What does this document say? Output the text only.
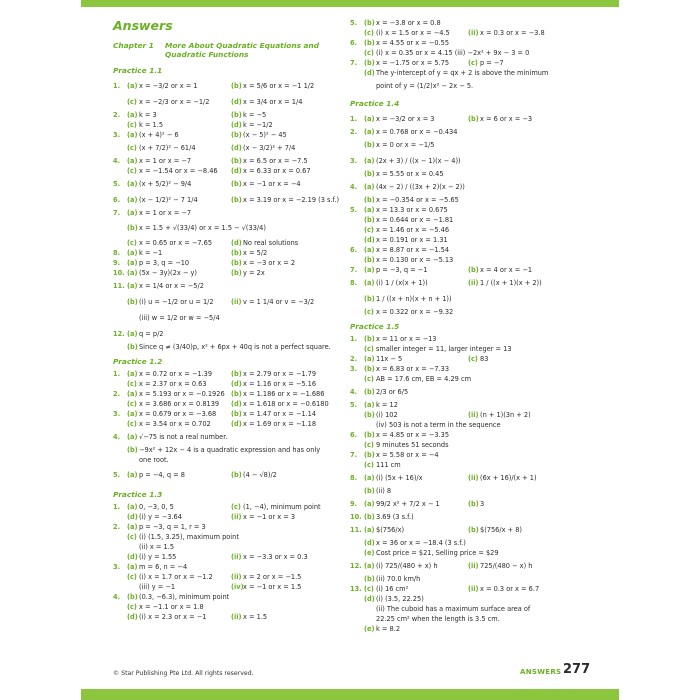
Answers
Chapter 1	More About Quadratic Equations and Quadratic Functions
Practice 1.1
1. (a) x = −3/2 or x = 1	(b) x = 5/6 or x = −1 1/2
(c) x = −2/3 or x = −1/2	(d) x = 3/4 or x = 1/4
2. (a) k = 3	(b) k = −5
(c) k = 1.5	(d) k = −1/2
3. (a) (x + 4)² − 6	(b) (x − 5)² − 45
(c) (x + 7/2)² − 61/4	(d) (x − 3/2)² + 7/4
4. (a) x = 1 or x = −7	(b) x = 6.5 or x = −7.5
(c) x = −1.54 or x = −8.46 (d) x = 6.33 or x = 0.67
5. (a) (x + 5/2)² − 9/4	(b) x = −1 or x = −4
6. (a) (x − 1/2)² − 7 1/4	(b) x = 3.19 or x = −2.19 (3 s.f.)
7. (a) x = 1 or x = −7
(b) x = 1.5 + √(33/4) or x = 1.5 − √(33/4)
(c) x = 0.65 or x = −7.65	(d) No real solutions
8. (a) k = −1	(b) x = 5/2
9. (a) p = 3, q = −10	(b) x = −3 or x = 2
10. (a) (5x − 3y)(2x − y)	(b) y = 2x
11. (a) x = 1/4 or x = −5/2
(b) (i) u = −1/2 or u = 1/2	(ii) v = 1 1/4 or v = −3/2
(iii) w = 1/2 or w = −5/4
12. (a) q = p/2
(b) Since q ≠ (3/40)p, x² + 6px + 40q is not a perfect square.
Practice 1.2
1. (a) x = 0.72 or x = −1.39	(b) x = 2.79 or x = −1.79
(c) x = 2.37 or x = 0.63	(d) x = 1.16 or x = −5.16
2. (a) x = 5.193 or x = −0.1926 (b) x = 1.186 or x = −1.686
(c) x = 3.686 or x = 0.8139 (d) x = 1.618 or x = −0.6180
3. (a) x = 0.679 or x = −3.68 (b) x = 1.47 or x = −1.14
(c) x = 3.54 or x = 0.702	(d) x = 1.69 or x = −1.18
4. (a) √−75 is not a real number.
(b) −9x² + 12x − 4 is a quadratic expression and has only
one root.
5. (a) p = −4, q = 8	(b) (4 − √8)/2
Practice 1.3
1. (a) 0, −3, 0, 5	(c) (1, −4), minimum point
(d) (i) y = −3.64	(ii) x = −1 or x = 3
2. (a) p = −3, q = 1, r = 3
(c) (i) (1.5, 3.25), maximum point
(ii) x = 1.5
(d) (i) y = 1.55	(ii) x = −3.3 or x = 0.3
3. (a) m = 6, n = −4
(c) (i) x = 1.7 or x = −1.2	(ii) x = 2 or x = −1.5
(iii) y = −1	(iv) x = −1 or x = 1.5
4. (b) (0.3, −6.3), minimum point
(c) x = −1.1 or x = 1.8
(d) (i) x = 2.3 or x = −1	(ii) x = 1.5
5. (b) x = −3.8 or x = 0.8
(c) (i) x = 1.5 or x = −4.5	(ii) x = 0.3 or x = −3.8
6. (b) x = 4.55 or x = −0.55
(c) (i) x = 0.35 or x = 4.15 (iii) −2x² + 9x − 3 = 0
7. (b) x = −1.75 or x = 5.75	(c) p = −7
(d) The y-intercept of y = qx + 2 is above the minimum
point of y = (1/2)x² − 2x − 5.
Practice 1.4
1. (a) x = −3/2 or x = 3	(b) x = 6 or x = −3
2. (a) x = 0.768 or x = −0.434
(b) x = 0 or x = −1/5
3. (a) (2x + 3) / ((x − 1)(x − 4))
(b) x = 5.55 or x = 0.45
4. (a) (4x − 2) / ((3x + 2)(x − 2))
(b) x = −0.354 or x = −5.65
5. (a) x = 13.3 or x = 0.675
(b) x = 0.644 or x = −1.81
(c) x = 1.46 or x = −5.46
(d) x = 0.191 or x = 1.31
6. (a) x = 8.87 or x = −1.54
(b) x = 0.130 or x = −5.13
7. (a) p = −3, q = −1	(b) x = 4 or x = −1
8. (a) (i) 1 / (x(x + 1))	(ii) 1 / ((x + 1)(x + 2))
(b) 1 / ((x + n)(x + n + 1))
(c) x = 0.322 or x = −9.32
Practice 1.5
1. (b) x = 11 or x = −13
(c) smaller integer = 11, larger integer = 13
2. (a) 11x − 5	(c) 83
3. (b) x = 6.83 or x = −7.33
(c) AB = 17.6 cm, EB = 4.29 cm
4. (b) 2/3 or 6/5
5. (a) k = 12
(b) (i) 102	(ii) (n + 1)(3n + 2)
(iv) 503 is not a term in the sequence
6. (b) x = 4.85 or x = −3.35
(c) 9 minutes 51 seconds
7. (b) x = 5.58 or x = −4
(c) 111 cm
8. (a) (i) (5x + 16)/x	(ii) (6x + 16)/(x + 1)
(b) (ii) 8
9. (a) 99/2 x² + 7/2 x − 1	(b) 3
10. (b) 3.69 (3 s.f.)
11. (a) $(756/x)	(b) $(756/x + 8)
(d) x = 36 or x = −18.4 (3 s.f.)
(e) Cost price = $21, Selling price = $29
12. (a) (i) 725/(480 + x) h	(ii) 725/(480 − x) h
(b) (ii) 70.0 km/h
13. (c) (i) 16 cm²	(ii) x = 0.3 or x = 6.7
(d) (i) (3.5, 22.25)
(ii) The cuboid has a maximum surface area of
22.25 cm² when the length is 3.5 cm.
(e) k = 8.2
© Star Publishing Pte Ltd. All rights reserved.	ANSWERS 277
